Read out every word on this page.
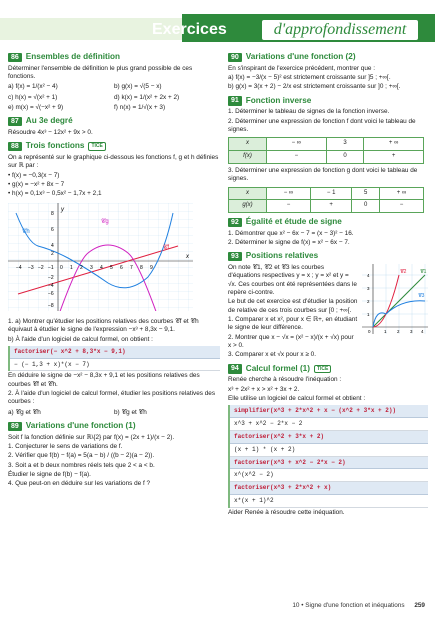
Exercices	d'approfondissement
86 Ensembles de définition

Déterminer l'ensemble de définition le plus grand possible de ces fonctions.

a) f(x) = 1/(x² − 4)	b) g(x) = √(5 − x)
c) h(x) = √(x² + 1)	d) k(x) = 1/(x² + 2x + 2)
e) m(x) = √(−x² + 9)	f) n(x) = 1/√(x + 3)
87 Au 3e degré

Résoudre 4x³ − 12x² + 9x > 0.

88 Trois fonctions	TICE

On a représenté sur le graphique ci-dessous les fonctions f, g et h définies sur ℝ par :

• f(x) = −0,3(x − 7)

• g(x) = −x² + 8x − 7

• h(x) = 0,1x³ − 0,5x² − 1,7x + 2,1

y
x
𝒞f
𝒞g
𝒞h
−4 −3 −2 −1 0 1 2 3 4 5 6 7 8 9
8
6
4
2
−2
−4
−6
−8

1. a) Montrer qu'étudier les positions relatives des courbes 𝒞f et 𝒞h équivaut à étudier le signe de l'expression −x³ + 8,3x − 9,1.

b) À l'aide d'un logiciel de calcul formel, on obtient :

factoriser(− x^2 + 8,3*x − 9,1)
− (− 1,3 + x)*(x − 7)

En déduire le signe de −x² − 8,3x + 9,1 et les positions relatives des courbes 𝒞f et 𝒞h.

2. À l'aide d'un logiciel de calcul formel, étudier les positions relatives des courbes :

a) 𝒞g et 𝒞h	b) 𝒞g et 𝒞h
89 Variations d'une fonction (1)

Soit f la fonction définie sur ℝ\{2} par f(x) = (2x + 1)/(x − 2).

1. Conjecturer le sens de variations de f.

2. Vérifier que f(b) − f(a) = 5(a − b) / ((b − 2)(a − 2)).

3. Soit a et b deux nombres réels tels que 2 < a < b.

Étudier le signe de f(b) − f(a).

4. Que peut-on en déduire sur les variations de f ?

90 Variations d'une fonction (2)

En s'inspirant de l'exercice précédent, montrer que :

a) f(x) = −3/(x − 5)² est strictement croissante sur ]5 ; +∞[.

b) g(x) = 3(x + 2) − 2/x est strictement croissante sur ]0 ; +∞[.

91 Fonction inverse

1. Déterminer le tableau de signes de la fonction inverse.

2. Déterminer une expression de fonction f dont voici le tableau de signes.

x	− ∞	3	+ ∞
f(x)	−	0	+

3. Déterminer une expression de fonction g dont voici le tableau de signes.

x	− ∞	− 1	5	+ ∞
g(x)	−	+	0	−
92 Égalité et étude de signe

1. Démontrer que x² − 6x − 7 = (x − 3)² − 16.

2. Déterminer le signe de f(x) = x² − 6x − 7.

93 Positions relatives
𝒞1
𝒞2
𝒞3
0	1 2 3 4
4
3
2
1

On note 𝒞1, 𝒞2 et 𝒞3 les courbes d'équations respectives y = x ; y = x² et y = √x. Ces courbes ont été représentées dans le repère ci-contre.

Le but de cet exercice est d'étudier la position de relative de ces trois courbes sur [0 ; +∞[.

1. Comparer x et x², pour x ∈ ℝ+, en étudiant le signe de leur différence.

2. Montrer que x − √x = (x² − x)/(x + √x) pour x > 0.

3. Comparer x et √x pour x ≥ 0.

94 Calcul formel (1)	TICE

Renée cherche à résoudre l'inéquation :

x³ + 2x² + x > x² + 3x + 2.

Elle utilise un logiciel de calcul formel et obtient :

simplifier(x^3 + 2*x^2 + x − (x^2 + 3*x + 2))
x^3 + x^2 − 2*x − 2
factoriser(x^2 + 3*x + 2)
(x + 1) * (x + 2)
factoriser(x^3 + x^2 − 2*x − 2)
x^(x^2 − 2)
factoriser(x^3 + 2*x^2 + x)
x*(x + 1)^2

Aider Renée à résoudre cette inéquation.

10 • Signe d'une fonction et inéquations 259
